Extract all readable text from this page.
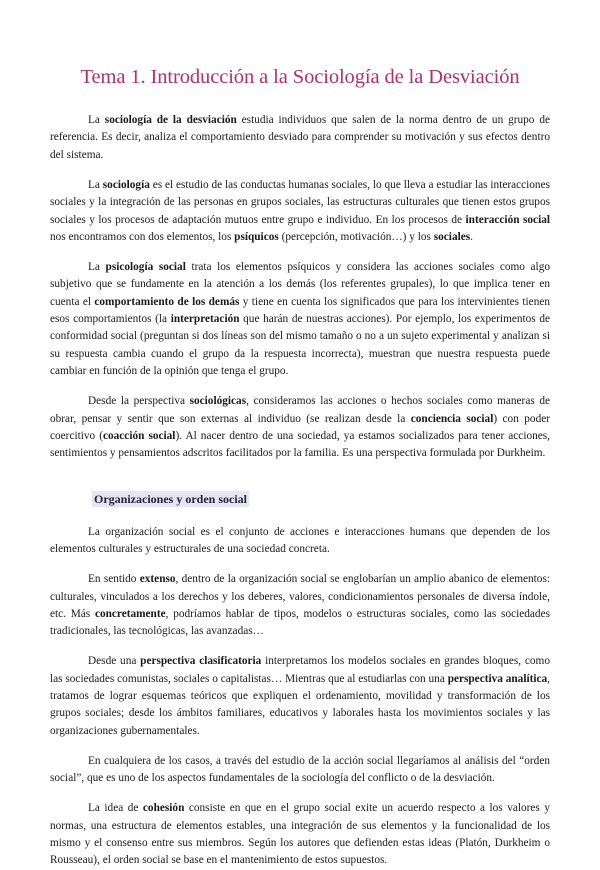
Tema 1. Introducción a la Sociología de la Desviación

La sociología de la desviación estudia individuos que salen de la norma dentro de un grupo de referencia. Es decir, analiza el comportamiento desviado para comprender su motivación y sus efectos dentro del sistema.

La sociología es el estudio de las conductas humanas sociales, lo que lleva a estudiar las interacciones sociales y la integración de las personas en grupos sociales, las estructuras culturales que tienen estos grupos sociales y los procesos de adaptación mutuos entre grupo e individuo. En los procesos de interacción social nos encontramos con dos elementos, los psíquicos (percepción, motivación…) y los sociales.

La psicología social trata los elementos psíquicos y considera las acciones sociales como algo subjetivo que se fundamente en la atención a los demás (los referentes grupales), lo que implica tener en cuenta el comportamiento de los demás y tiene en cuenta los significados que para los intervinientes tienen esos comportamientos (la interpretación que harán de nuestras acciones). Por ejemplo, los experimentos de conformidad social (preguntan si dos líneas son del mismo tamaño o no a un sujeto experimental y analizan si su respuesta cambia cuando el grupo da la respuesta incorrecta), muestran que nuestra respuesta puede cambiar en función de la opinión que tenga el grupo.

Desde la perspectiva sociológicas, consideramos las acciones o hechos sociales como maneras de obrar, pensar y sentir que son externas al individuo (se realizan desde la conciencia social) con poder coercitivo (coacción social). Al nacer dentro de una sociedad, ya estamos socializados para tener acciones, sentimientos y pensamientos adscritos facilitados por la familia. Es una perspectiva formulada por Durkheim.

Organizaciones y orden social

La organización social es el conjunto de acciones e interacciones humans que dependen de los elementos culturales y estructurales de una sociedad concreta.

En sentido extenso, dentro de la organización social se englobarían un amplio abanico de elementos: culturales, vinculados a los derechos y los deberes, valores, condicionamientos personales de diversa índole, etc. Más concretamente, podríamos hablar de tipos, modelos o estructuras sociales, como las sociedades tradicionales, las tecnológicas, las avanzadas…

Desde una perspectiva clasificatoria interpretamos los modelos sociales en grandes bloques, como las sociedades comunistas, sociales o capitalistas… Mientras que al estudiarlas con una perspectiva analítica, tratamos de lograr esquemas teóricos que expliquen el ordenamiento, movilidad y transformación de los grupos sociales; desde los ámbitos familiares, educativos y laborales hasta los movimientos sociales y las organizaciones gubernamentales.

En cualquiera de los casos, a través del estudio de la acción social llegaríamos al análisis del “orden social”, que es uno de los aspectos fundamentales de la sociología del conflicto o de la desviación.

La idea de cohesión consiste en que en el grupo social exite un acuerdo respecto a los valores y normas, una estructura de elementos estables, una integración de sus elementos y la funcionalidad de los mismo y el consenso entre sus miembros. Según los autores que defienden estas ideas (Platón, Durkheim o Rousseau), el orden social se base en el mantenimiento de estos supuestos.
